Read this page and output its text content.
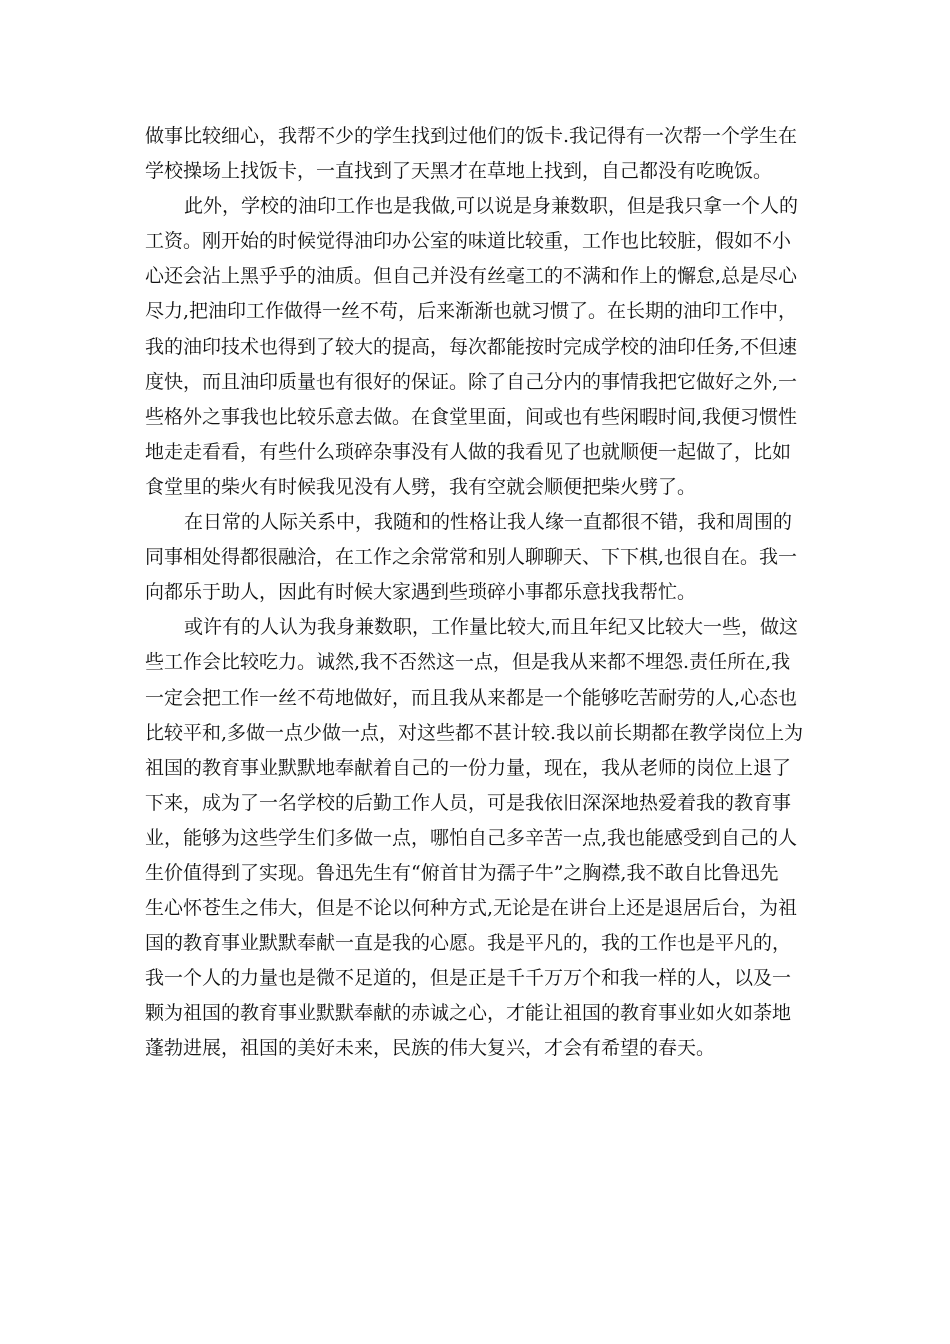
做事比较细心，我帮不少的学生找到过他们的饭卡.我记得有一次帮一个学生在
学校操场上找饭卡，一直找到了天黑才在草地上找到，自己都没有吃晚饭。
此外，学校的油印工作也是我做,可以说是身兼数职，但是我只拿一个人的
工资。刚开始的时候觉得油印办公室的味道比较重，工作也比较脏，假如不小
心还会沾上黑乎乎的油质。但自己并没有丝毫工的不满和作上的懈怠,总是尽心
尽力,把油印工作做得一丝不苟，后来渐渐也就习惯了。在长期的油印工作中，
我的油印技术也得到了较大的提高，每次都能按时完成学校的油印任务,不但速
度快，而且油印质量也有很好的保证。除了自己分内的事情我把它做好之外,一
些格外之事我也比较乐意去做。在食堂里面，间或也有些闲暇时间,我便习惯性
地走走看看，有些什么琐碎杂事没有人做的我看见了也就顺便一起做了，比如
食堂里的柴火有时候我见没有人劈，我有空就会顺便把柴火劈了。
在日常的人际关系中，我随和的性格让我人缘一直都很不错，我和周围的
同事相处得都很融洽，在工作之余常常和别人聊聊天、下下棋,也很自在。我一
向都乐于助人，因此有时候大家遇到些琐碎小事都乐意找我帮忙。
或许有的人认为我身兼数职，工作量比较大,而且年纪又比较大一些，做这
些工作会比较吃力。诚然,我不否然这一点，但是我从来都不埋怨.责任所在,我
一定会把工作一丝不苟地做好，而且我从来都是一个能够吃苦耐劳的人,心态也
比较平和,多做一点少做一点，对这些都不甚计较.我以前长期都在教学岗位上为
祖国的教育事业默默地奉献着自己的一份力量，现在，我从老师的岗位上退了
下来，成为了一名学校的后勤工作人员，可是我依旧深深地热爱着我的教育事
业，能够为这些学生们多做一点，哪怕自己多辛苦一点,我也能感受到自己的人
生价值得到了实现。鲁迅先生有“俯首甘为孺子牛”之胸襟,我不敢自比鲁迅先
生心怀苍生之伟大，但是不论以何种方式,无论是在讲台上还是退居后台，为祖
国的教育事业默默奉献一直是我的心愿。我是平凡的，我的工作也是平凡的，
我一个人的力量也是微不足道的，但是正是千千万万个和我一样的人，以及一
颗为祖国的教育事业默默奉献的赤诚之心，才能让祖国的教育事业如火如荼地
蓬勃进展，祖国的美好未来，民族的伟大复兴，才会有希望的春天。
